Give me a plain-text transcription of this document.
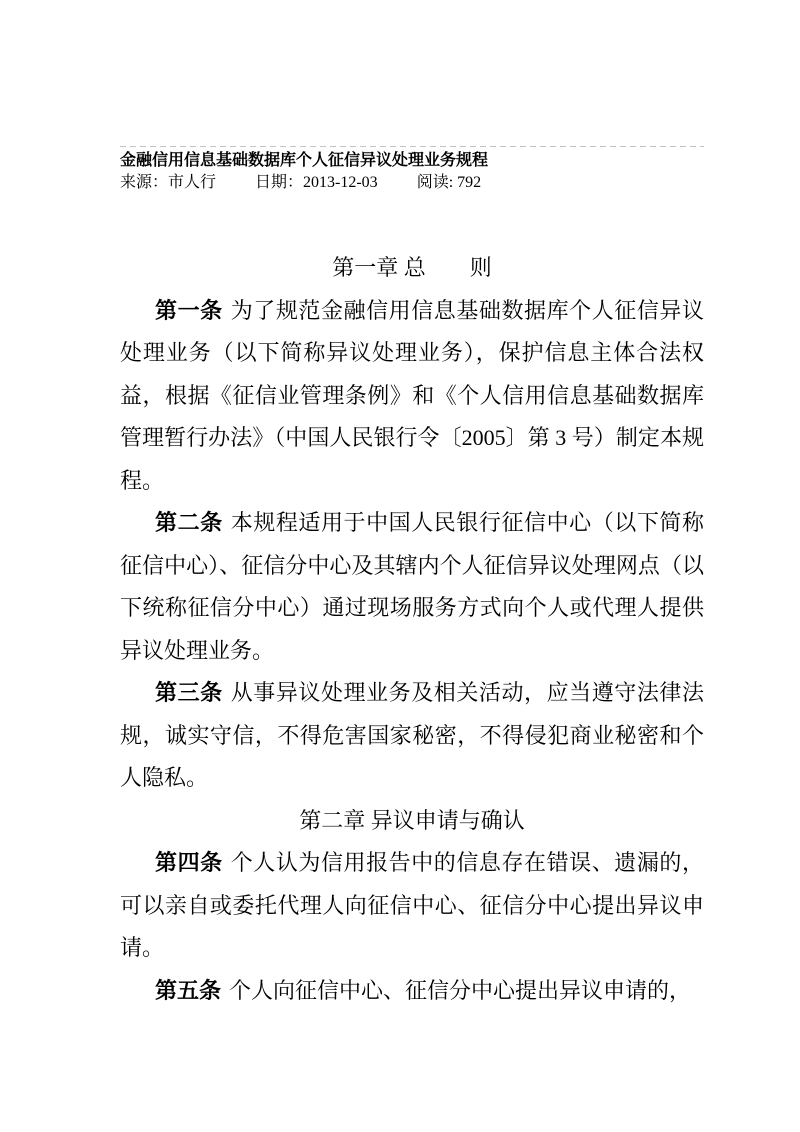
金融信用信息基础数据库个人征信异议处理业务规程
来源：市人行 日期：2013-12-03 阅读: 792
第一章 总　　则

第一条 为了规范金融信用信息基础数据库个人征信异议处理业务（以下简称异议处理业务），保护信息主体合法权益，根据《征信业管理条例》和《个人信用信息基础数据库管理暂行办法》（中国人民银行令〔2005〕第 3 号）制定本规程。

第二条 本规程适用于中国人民银行征信中心（以下简称征信中心）、征信分中心及其辖内个人征信异议处理网点（以下统称征信分中心）通过现场服务方式向个人或代理人提供异议处理业务。

第三条 从事异议处理业务及相关活动，应当遵守法律法规，诚实守信，不得危害国家秘密，不得侵犯商业秘密和个人隐私。

第二章 异议申请与确认

第四条 个人认为信用报告中的信息存在错误、遗漏的，可以亲自或委托代理人向征信中心、征信分中心提出异议申请。

第五条 个人向征信中心、征信分中心提出异议申请的，
